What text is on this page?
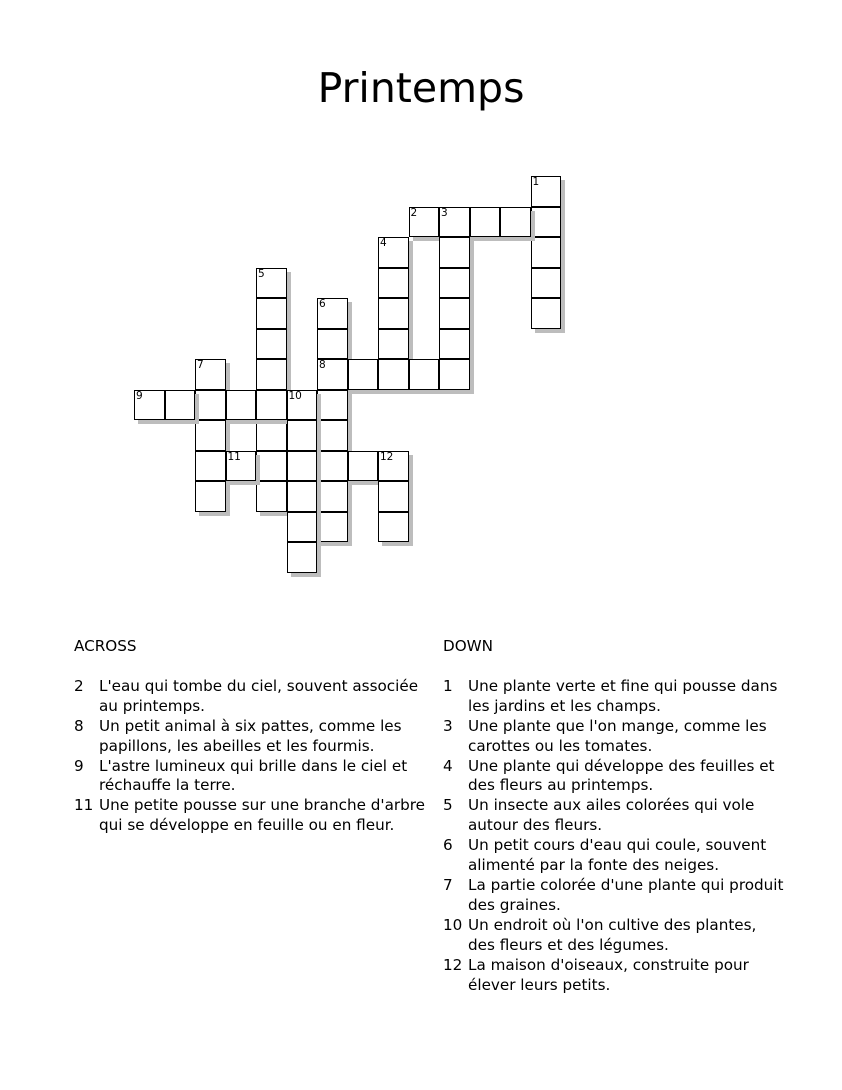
Printemps
1
2 3
4
5
6
8
7
9	10
11	12
ACROSS
2	L'eau qui tombe du ciel, souvent associée au printemps.
8	Un petit animal à six pattes, comme les papillons, les abeilles et les fourmis.
9	L'astre lumineux qui brille dans le ciel et réchauffe la terre.
11 Une petite pousse sur une branche d'arbre qui se développe en feuille ou en fleur.
DOWN
1	Une plante verte et fine qui pousse dans les jardins et les champs.
3	Une plante que l'on mange, comme les carottes ou les tomates.
4	Une plante qui développe des feuilles et des fleurs au printemps.
5	Un insecte aux ailes colorées qui vole autour des fleurs.
6	Un petit cours d'eau qui coule, souvent alimenté par la fonte des neiges.
7	La partie colorée d'une plante qui produit des graines.
10 Un endroit où l'on cultive des plantes, des fleurs et des légumes.
12 La maison d'oiseaux, construite pour élever leurs petits.
